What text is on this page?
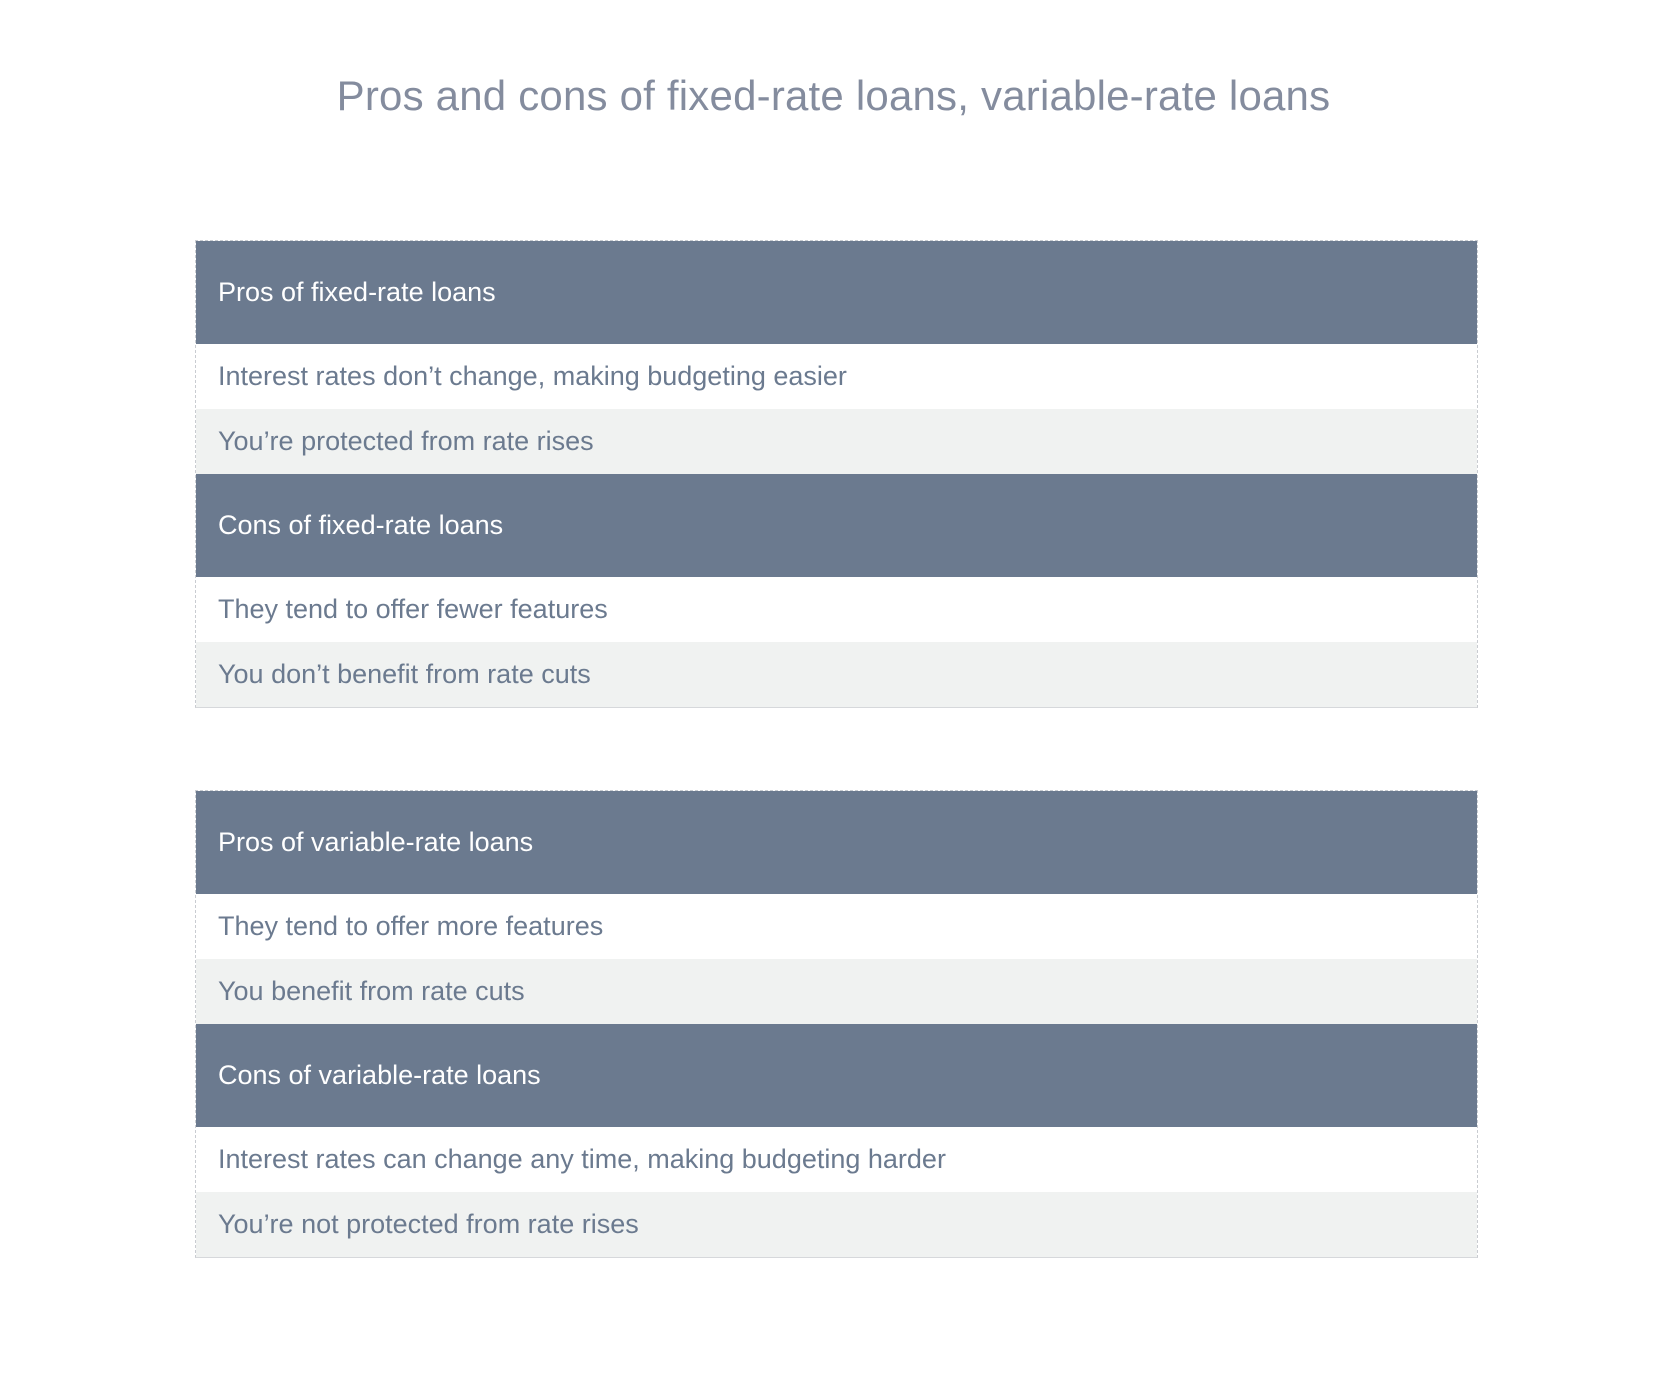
Pros and cons of fixed-rate loans, variable-rate loans
Pros of fixed-rate loans
Interest rates don’t change, making budgeting easier
You’re protected from rate rises
Cons of fixed-rate loans
They tend to offer fewer features
You don’t benefit from rate cuts
Pros of variable-rate loans
They tend to offer more features
You benefit from rate cuts
Cons of variable-rate loans
Interest rates can change any time, making budgeting harder
You’re not protected from rate rises
